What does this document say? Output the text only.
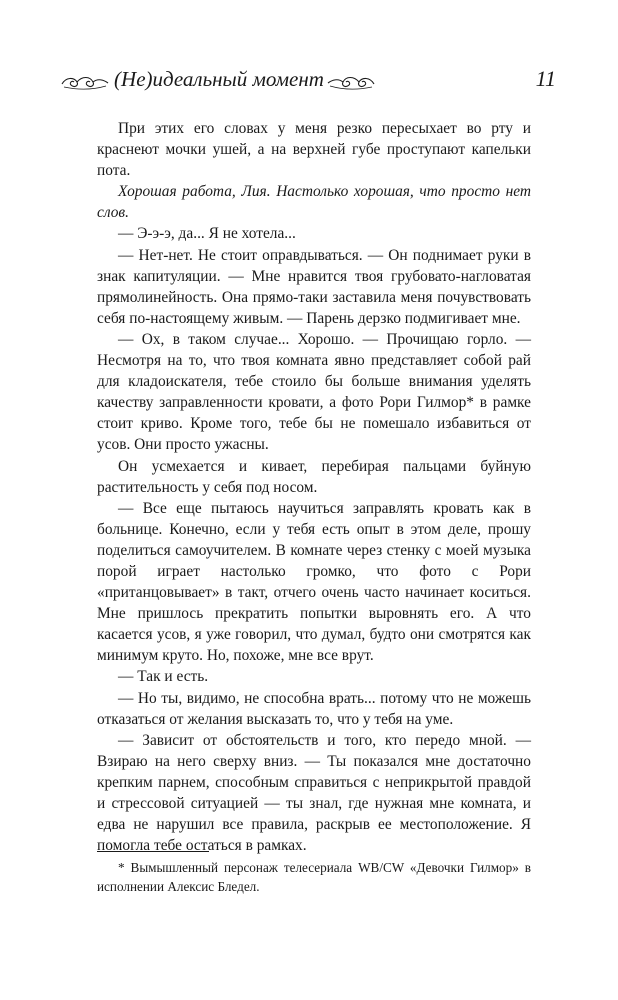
(Не)идеальный момент	11

При этих его словах у меня резко пересыхает во рту и краснеют мочки ушей, а на верхней губе проступают капельки пота.

Хорошая работа, Лия. Настолько хорошая, что просто нет слов.

— Э-э-э, да... Я не хотела...

— Нет-нет. Не стоит оправдываться. — Он поднимает руки в знак капитуляции. — Мне нравится твоя грубовато-нагловатая прямолинейность. Она прямо-таки заставила меня почувствовать себя по-настоящему живым. — Парень дерзко подмигивает мне.

— Ох, в таком случае... Хорошо. — Прочищаю горло. — Несмотря на то, что твоя комната явно представляет собой рай для кладоискателя, тебе стоило бы больше внимания уделять качеству заправленности кровати, а фото Рори Гилмор* в рамке стоит криво. Кроме того, тебе бы не помешало избавиться от усов. Они просто ужасны.

Он усмехается и кивает, перебирая пальцами буйную растительность у себя под носом.

— Все еще пытаюсь научиться заправлять кровать как в больнице. Конечно, если у тебя есть опыт в этом деле, прошу поделиться самоучителем. В комнате через стенку с моей музыка порой играет настолько громко, что фото с Рори «пританцовывает» в такт, отчего очень часто начинает коситься. Мне пришлось прекратить попытки выровнять его. А что касается усов, я уже говорил, что думал, будто они смотрятся как минимум круто. Но, похоже, мне все врут.

— Так и есть.

— Но ты, видимо, не способна врать... потому что не можешь отказаться от желания высказать то, что у тебя на уме.

— Зависит от обстоятельств и того, кто передо мной. — Взираю на него сверху вниз. — Ты показался мне достаточно крепким парнем, способным справиться с неприкрытой правдой и стрессовой ситуацией — ты знал, где нужная мне комната, и едва не нарушил все правила, раскрыв ее местоположение. Я помогла тебе остаться в рамках.

* Вымышленный персонаж телесериала WB/CW «Девочки Гилмор» в исполнении Алексис Бледел.
